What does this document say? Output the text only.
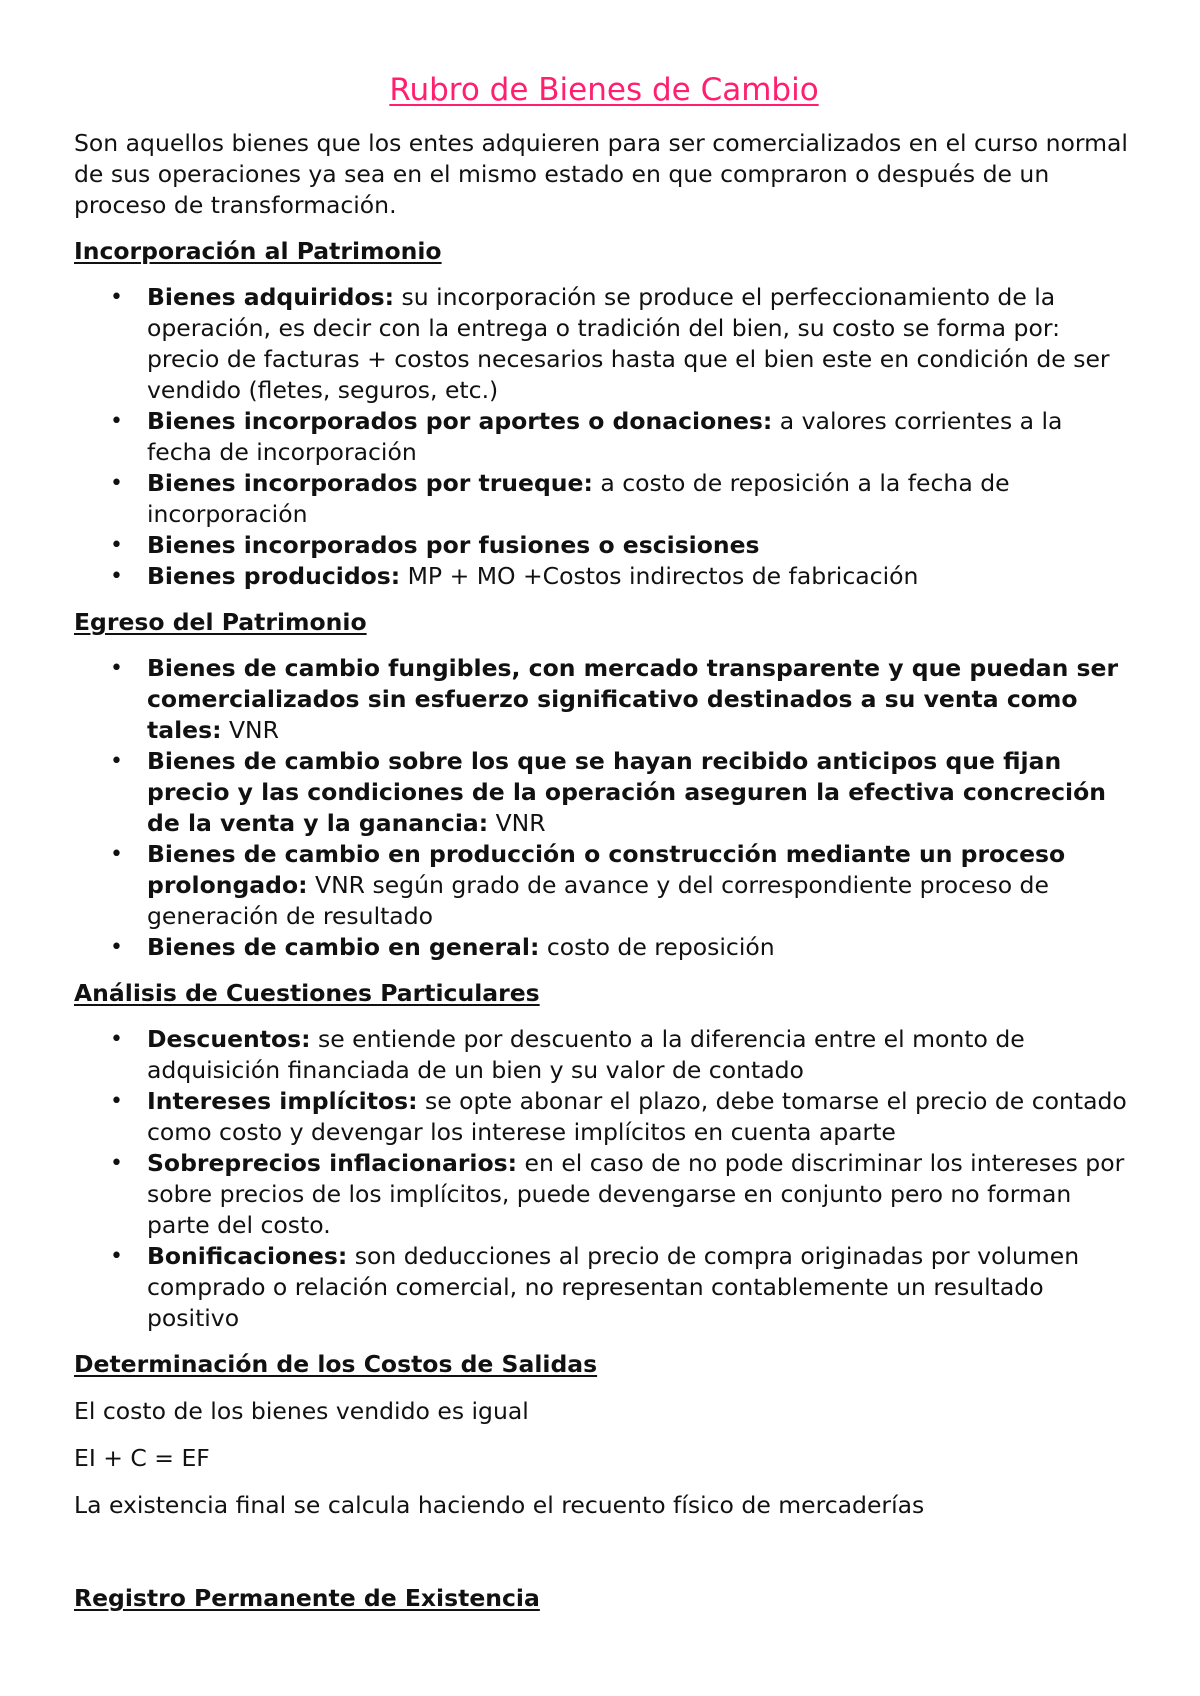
Rubro de Bienes de Cambio

Son aquellos bienes que los entes adquieren para ser comercializados en el curso normal de sus operaciones ya sea en el mismo estado en que compraron o después de un proceso de transformación.

Incorporación al Patrimonio
• Bienes adquiridos: su incorporación se produce el perfeccionamiento de la operación, es decir con la entrega o tradición del bien, su costo se forma por: precio de facturas + costos necesarios hasta que el bien este en condición de ser vendido (fletes, seguros, etc.)
• Bienes incorporados por aportes o donaciones: a valores corrientes a la fecha de incorporación
• Bienes incorporados por trueque: a costo de reposición a la fecha de incorporación
• Bienes incorporados por fusiones o escisiones
• Bienes producidos: MP + MO +Costos indirectos de fabricación
Egreso del Patrimonio
• Bienes de cambio fungibles, con mercado transparente y que puedan ser comercializados sin esfuerzo significativo destinados a su venta como tales: VNR
• Bienes de cambio sobre los que se hayan recibido anticipos que fijan precio y las condiciones de la operación aseguren la efectiva concreción de la venta y la ganancia: VNR
• Bienes de cambio en producción o construcción mediante un proceso prolongado: VNR según grado de avance y del correspondiente proceso de generación de resultado
• Bienes de cambio en general: costo de reposición
Análisis de Cuestiones Particulares
• Descuentos: se entiende por descuento a la diferencia entre el monto de adquisición financiada de un bien y su valor de contado
• Intereses implícitos: se opte abonar el plazo, debe tomarse el precio de contado como costo y devengar los interese implícitos en cuenta aparte
• Sobreprecios inflacionarios: en el caso de no pode discriminar los intereses por sobre precios de los implícitos, puede devengarse en conjunto pero no forman parte del costo.
• Bonificaciones: son deducciones al precio de compra originadas por volumen comprado o relación comercial, no representan contablemente un resultado positivo
Determinación de los Costos de Salidas

El costo de los bienes vendido es igual

EI + C = EF

La existencia final se calcula haciendo el recuento físico de mercaderías

Registro Permanente de Existencia
